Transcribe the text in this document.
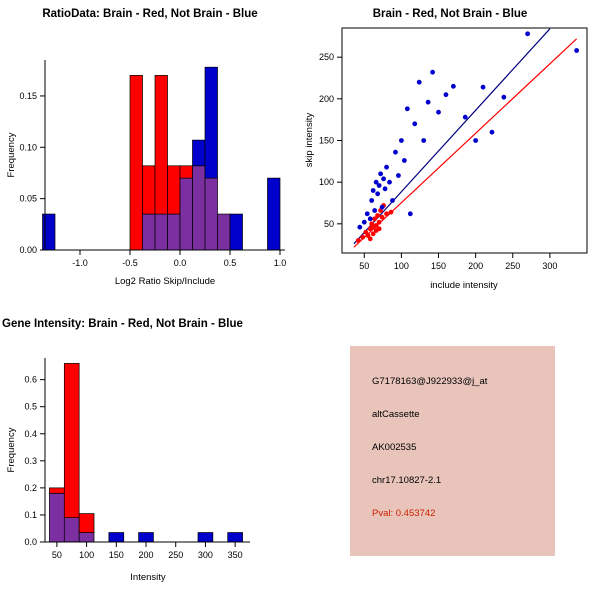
RatioData: Brain - Red, Not Brain - Blue
-1.0	-0.5	0.0	0.5	1.0
0.00
0.05
0.10
0.15
Log2 Ratio Skip/Include
Frequency
Brain - Red, Not Brain - Blue
50	100 150 200 250 300
50
100
150
200
250
include intensity
skip intensity
Gene Intensity: Brain - Red, Not Brain - Blue
50 100 150 200 250 300 350
0.0
0.1
0.2
0.3
0.4
0.5
0.6
Intensity
Frequency

G7178163@J922933@j_at

altCassette

AK002535

chr17.10827-2.1

Pval: 0.453742
